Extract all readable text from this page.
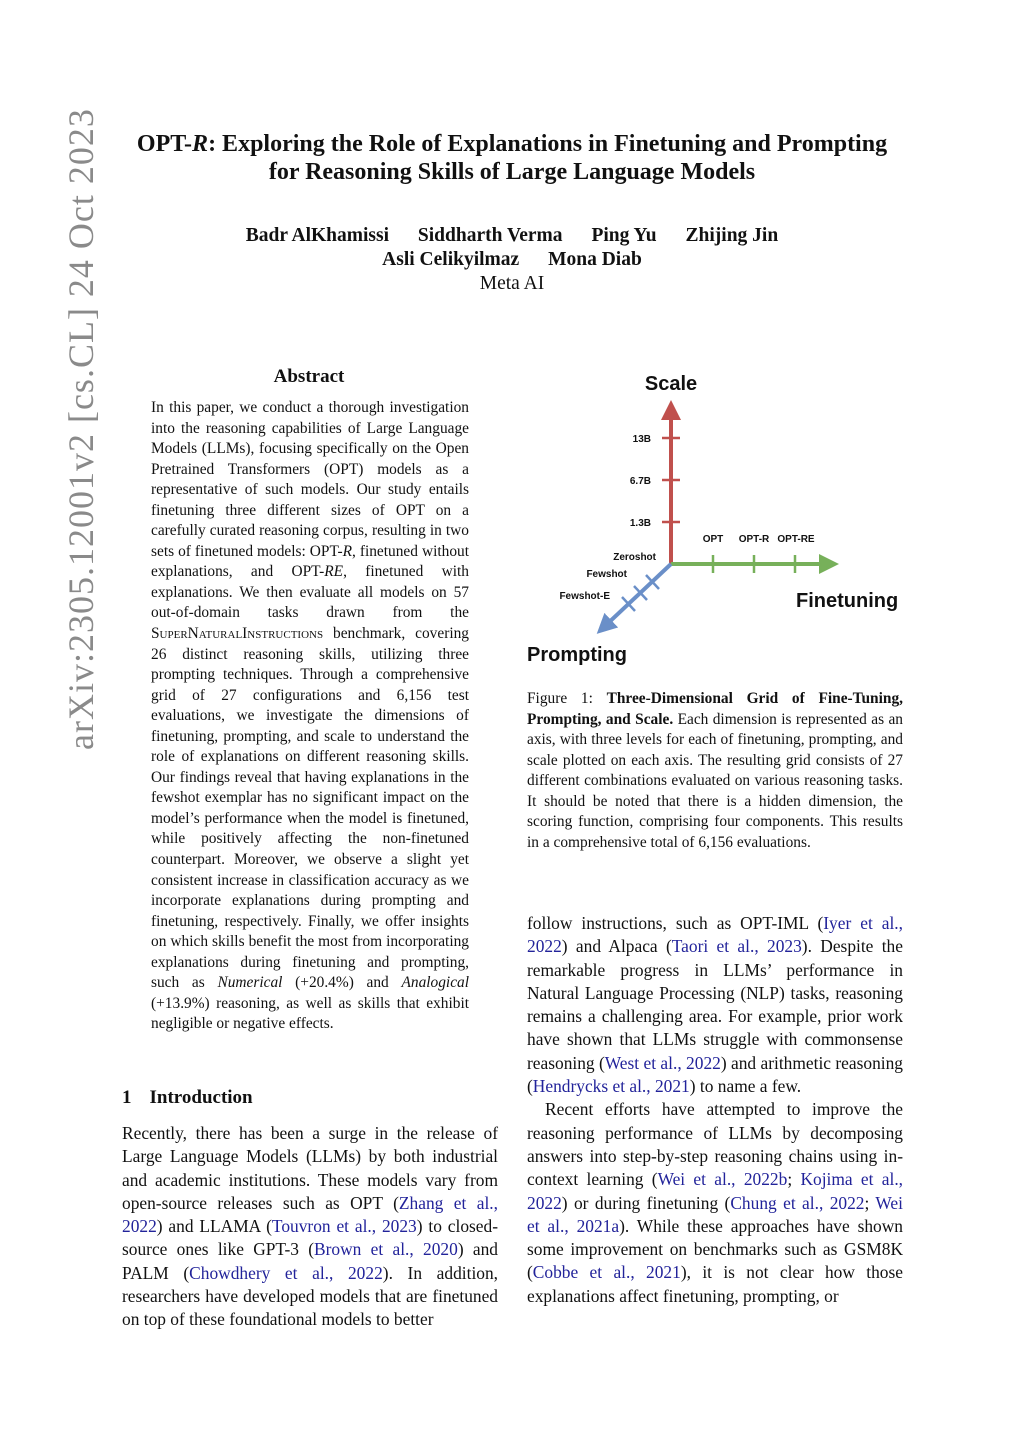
OPT-R: Exploring the Role of Explanations in Finetuning and Prompting
for Reasoning Skills of Large Language Models
Badr AlKhamissi Siddharth Verma Ping Yu Zhijing Jin
Asli Celikyilmaz Mona Diab
Meta AI
arXiv:2305.12001v2 [cs.CL] 24 Oct 2023	Abstract
In this paper, we conduct a thorough investigation into the reasoning capabilities of Large Language Models (LLMs), focusing specifically on the Open Pretrained Transformers (OPT) models as a representative of such models. Our study entails finetuning three different sizes of OPT on a carefully curated reasoning corpus, resulting in two sets of finetuned models: OPT-R, finetuned without explanations, and OPT-RE, finetuned with explanations. We then evaluate all models on 57 out-of-domain tasks drawn from the SuperNaturalInstructions benchmark, covering 26 distinct reasoning skills, utilizing three prompting techniques. Through a comprehensive grid of 27 configurations and 6,156 test evaluations, we investigate the dimensions of finetuning, prompting, and scale to understand the role of explanations on different reasoning skills. Our findings reveal that having explanations in the fewshot exemplar has no significant impact on the model’s performance when the model is finetuned, while positively affecting the non-finetuned counterpart. Moreover, we observe a slight yet consistent increase in classification accuracy as we incorporate explanations during prompting and finetuning, respectively. Finally, we offer insights on which skills benefit the most from incorporating explanations during finetuning and prompting, such as Numerical (+20.4%) and Analogical (+13.9%) reasoning, as well as skills that exhibit negligible or negative effects.
1 Introduction
Recently, there has been a surge in the release of Large Language Models (LLMs) by both industrial and academic institutions. These models vary from open-source releases such as OPT (Zhang et al., 2022) and LLAMA (Touvron et al., 2023) to closed-source ones like GPT-3 (Brown et al., 2020) and PALM (Chowdhery et al., 2022). In addition, researchers have developed models that are finetuned on top of these foundational models to better

follow instructions, such as OPT-IML (Iyer et al., 2022) and Alpaca (Taori et al., 2023). Despite the remarkable progress in LLMs’ performance in Natural Language Processing (NLP) tasks, reasoning remains a challenging area. For example, prior work have shown that LLMs struggle with commonsense reasoning (West et al., 2022) and arithmetic reasoning (Hendrycks et al., 2021) to name a few.

Recent efforts have attempted to improve the reasoning performance of LLMs by decomposing answers into step-by-step reasoning chains using in-context learning (Wei et al., 2022b; Kojima et al., 2022) or during finetuning (Chung et al., 2022; Wei et al., 2021a). While these approaches have shown some improvement on benchmarks such as GSM8K (Cobbe et al., 2021), it is not clear how those explanations affect finetuning, prompting, or

1.3B
6.7B
13B
Scale
OPT OPT-R OPT-RE
Finetuning
Zeroshot
Fewshot
Fewshot-E
Prompting
Figure 1: Three-Dimensional Grid of Fine-Tuning, Prompting, and Scale. Each dimension is represented as an axis, with three levels for each of finetuning, prompting, and scale plotted on each axis. The resulting grid consists of 27 different combinations evaluated on various reasoning tasks. It should be noted that there is a hidden dimension, the scoring function, comprising four components. This results in a comprehensive total of 6,156 evaluations.
